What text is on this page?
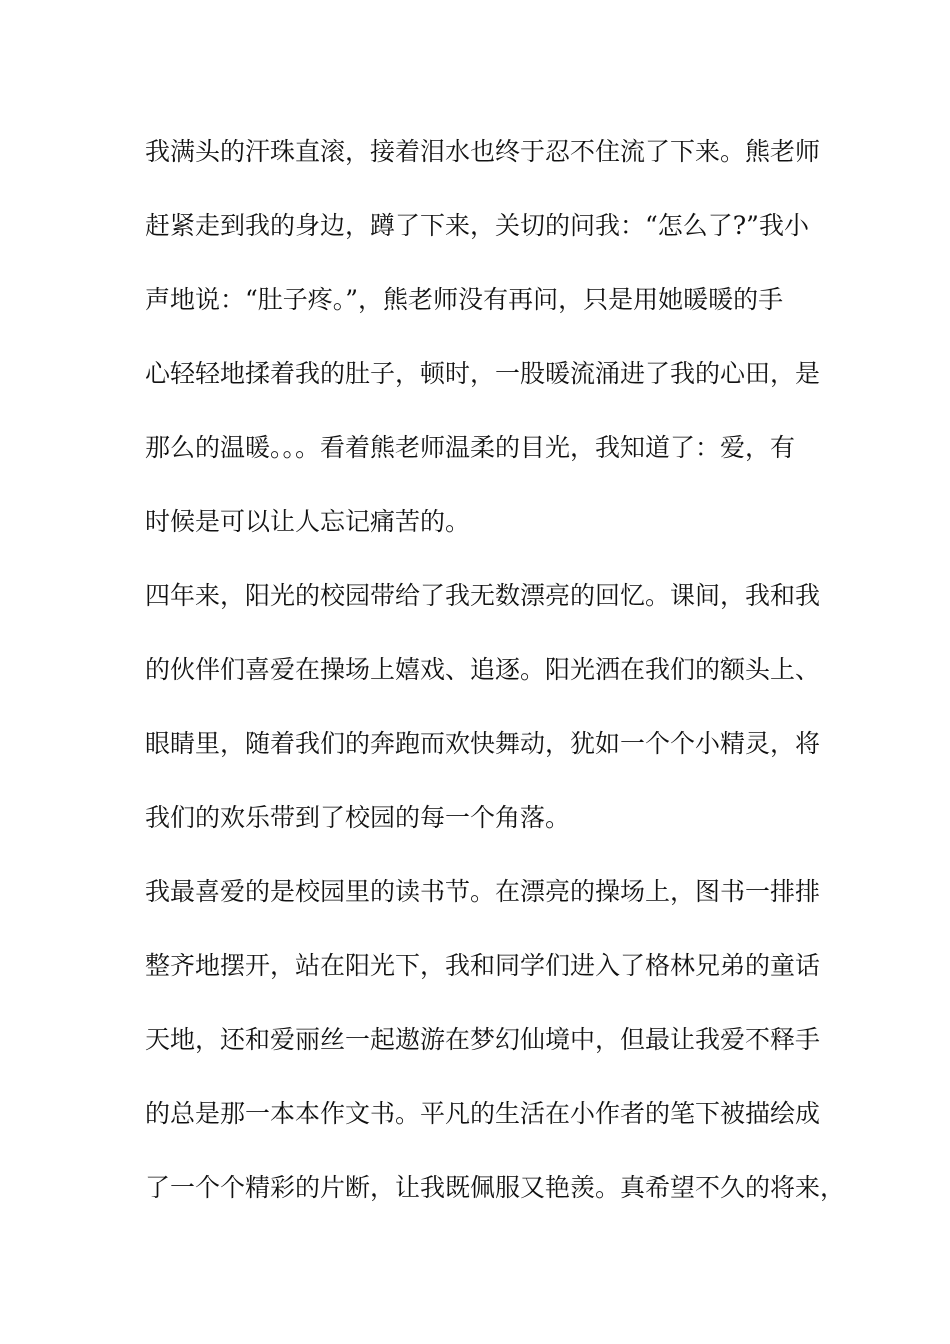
我满头的汗珠直滚，接着泪水也终于忍不住流了下来。熊老师
赶紧走到我的身边，蹲了下来，关切的问我：“怎么了?”我小
声地说：“肚子疼。”，熊老师没有再问，只是用她暖暖的手
心轻轻地揉着我的肚子，顿时，一股暖流涌进了我的心田，是
那么的温暖。。。看着熊老师温柔的目光，我知道了：爱，有
时候是可以让人忘记痛苦的。
四年来，阳光的校园带给了我无数漂亮的回忆。课间，我和我
的伙伴们喜爱在操场上嬉戏、追逐。阳光洒在我们的额头上、
眼睛里，随着我们的奔跑而欢快舞动，犹如一个个小精灵，将
我们的欢乐带到了校园的每一个角落。
我最喜爱的是校园里的读书节。在漂亮的操场上，图书一排排
整齐地摆开，站在阳光下，我和同学们进入了格林兄弟的童话
天地，还和爱丽丝一起遨游在梦幻仙境中，但最让我爱不释手
的总是那一本本作文书。平凡的生活在小作者的笔下被描绘成
了一个个精彩的片断，让我既佩服又艳羡。真希望不久的将来，
